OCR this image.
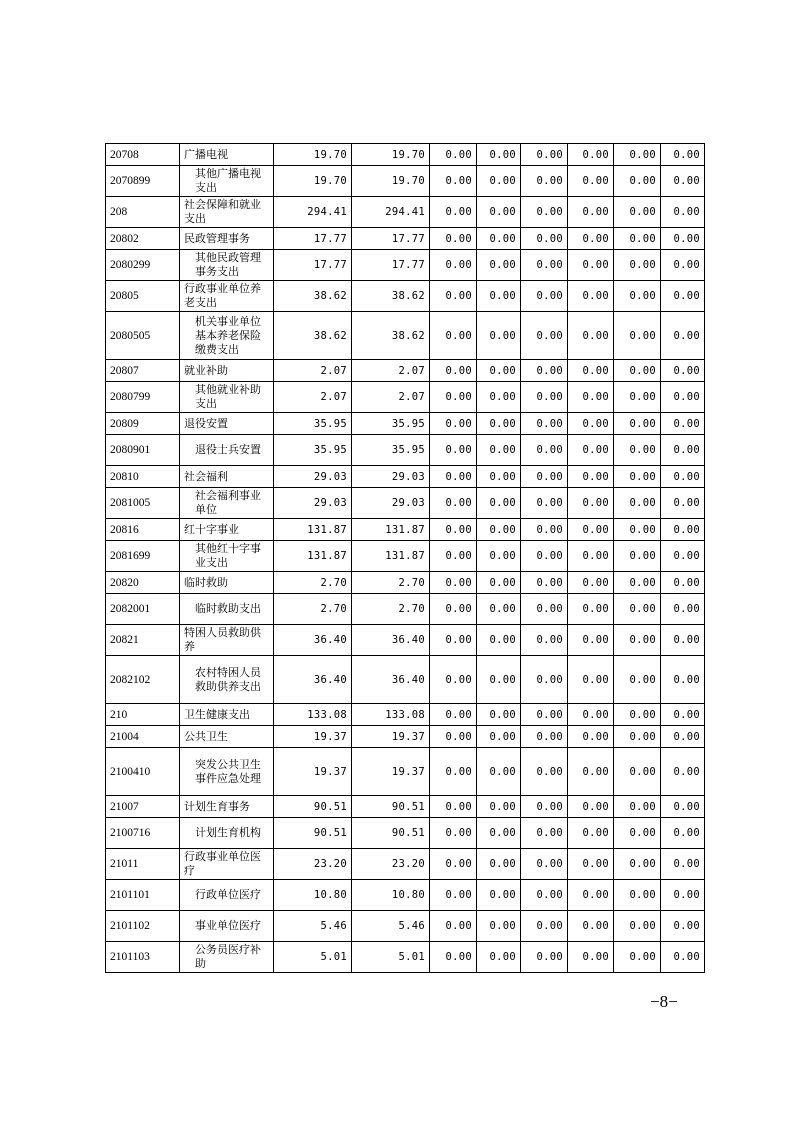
20708	广播电视	19.70	19.70	0.00	0.00	0.00	0.00	0.00	0.00
2070899	其他广播电视支出	19.70	19.70	0.00	0.00	0.00	0.00	0.00	0.00
208	社会保障和就业支出	294.41	294.41	0.00	0.00	0.00	0.00	0.00	0.00
20802	民政管理事务	17.77	17.77	0.00	0.00	0.00	0.00	0.00	0.00
2080299	其他民政管理事务支出	17.77	17.77	0.00	0.00	0.00	0.00	0.00	0.00
20805	行政事业单位养老支出	38.62	38.62	0.00	0.00	0.00	0.00	0.00	0.00
2080505	机关事业单位基本养老保险缴费支出	38.62	38.62	0.00	0.00	0.00	0.00	0.00	0.00
20807	就业补助	2.07	2.07	0.00	0.00	0.00	0.00	0.00	0.00
2080799	其他就业补助支出	2.07	2.07	0.00	0.00	0.00	0.00	0.00	0.00
20809	退役安置	35.95	35.95	0.00	0.00	0.00	0.00	0.00	0.00
2080901	退役士兵安置	35.95	35.95	0.00	0.00	0.00	0.00	0.00	0.00
20810	社会福利	29.03	29.03	0.00	0.00	0.00	0.00	0.00	0.00
2081005	社会福利事业单位	29.03	29.03	0.00	0.00	0.00	0.00	0.00	0.00
20816	红十字事业	131.87	131.87	0.00	0.00	0.00	0.00	0.00	0.00
2081699	其他红十字事业支出	131.87	131.87	0.00	0.00	0.00	0.00	0.00	0.00
20820	临时救助	2.70	2.70	0.00	0.00	0.00	0.00	0.00	0.00
2082001	临时救助支出	2.70	2.70	0.00	0.00	0.00	0.00	0.00	0.00
20821	特困人员救助供养	36.40	36.40	0.00	0.00	0.00	0.00	0.00	0.00
2082102	农村特困人员救助供养支出	36.40	36.40	0.00	0.00	0.00	0.00	0.00	0.00
210	卫生健康支出	133.08	133.08	0.00	0.00	0.00	0.00	0.00	0.00
21004	公共卫生	19.37	19.37	0.00	0.00	0.00	0.00	0.00	0.00
2100410	突发公共卫生事件应急处理	19.37	19.37	0.00	0.00	0.00	0.00	0.00	0.00
21007	计划生育事务	90.51	90.51	0.00	0.00	0.00	0.00	0.00	0.00
2100716	计划生育机构	90.51	90.51	0.00	0.00	0.00	0.00	0.00	0.00
21011	行政事业单位医疗	23.20	23.20	0.00	0.00	0.00	0.00	0.00	0.00
2101101	行政单位医疗	10.80	10.80	0.00	0.00	0.00	0.00	0.00	0.00
2101102	事业单位医疗	5.46	5.46	0.00	0.00	0.00	0.00	0.00	0.00
2101103	公务员医疗补助	5.01	5.01	0.00	0.00	0.00	0.00	0.00	0.00
−8−
